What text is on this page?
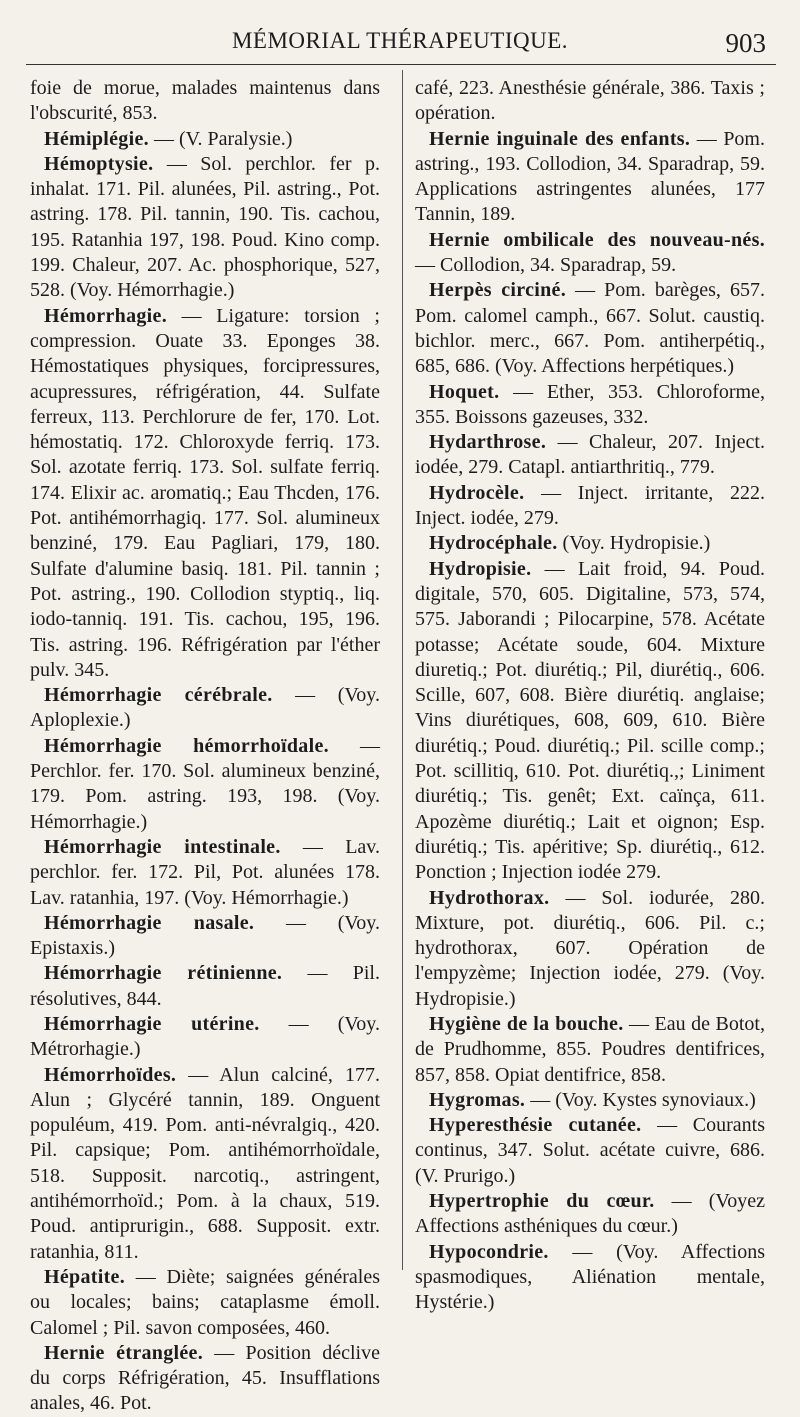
MÉMORIAL THÉRAPEUTIQUE.	903

foie de morue, malades maintenus dans l'obscurité, 853.

Hémiplégie. — (V. Paralysie.)

Hémoptysie. — Sol. perchlor. fer p. inhalat. 171. Pil. alunées, Pil. astring., Pot. astring. 178. Pil. tannin, 190. Tis. cachou, 195. Ratanhia 197, 198. Poud. Kino comp. 199. Chaleur, 207. Ac. phosphorique, 527, 528. (Voy. Hémorrhagie.)

Hémorrhagie. — Ligature: torsion ; compression. Ouate 33. Eponges 38. Hémostatiques physiques, forcipressures, acupressures, réfrigération, 44. Sulfate ferreux, 113. Perchlorure de fer, 170. Lot. hémostatiq. 172. Chloroxyde ferriq. 173. Sol. azotate ferriq. 173. Sol. sulfate ferriq. 174. Elixir ac. aromatiq.; Eau Thcden, 176. Pot. antihémorrhagiq. 177. Sol. alumineux benziné, 179. Eau Pagliari, 179, 180. Sulfate d'alumine basiq. 181. Pil. tannin ; Pot. astring., 190. Collodion styptiq., liq. iodo-tanniq. 191. Tis. cachou, 195, 196. Tis. astring. 196. Réfrigération par l'éther pulv. 345.

Hémorrhagie cérébrale. — (Voy. Aploplexie.)

Hémorrhagie hémorrhoïdale. — Perchlor. fer. 170. Sol. alumineux benziné, 179. Pom. astring. 193, 198. (Voy. Hémorrhagie.)

Hémorrhagie intestinale. — Lav. perchlor. fer. 172. Pil, Pot. alunées 178. Lav. ratanhia, 197. (Voy. Hémorrhagie.)

Hémorrhagie nasale. — (Voy. Epistaxis.)

Hémorrhagie rétinienne. — Pil. résolutives, 844.

Hémorrhagie utérine. — (Voy. Métrorhagie.)

Hémorrhoïdes. — Alun calciné, 177. Alun ; Glycéré tannin, 189. Onguent populéum, 419. Pom. anti-névralgiq., 420. Pil. capsique; Pom. antihémorrhoïdale, 518. Supposit. narcotiq., astringent, antihémorrhoïd.; Pom. à la chaux, 519. Poud. antiprurigin., 688. Supposit. extr. ratanhia, 811.

Hépatite. — Diète; saignées générales ou locales; bains; cataplasme émoll. Calomel ; Pil. savon composées, 460.

Hernie étranglée. — Position déclive du corps Réfrigération, 45. Insufflations anales, 46. Pot.

café, 223. Anesthésie générale, 386. Taxis ; opération.

Hernie inguinale des enfants. — Pom. astring., 193. Collodion, 34. Sparadrap, 59. Applications astringentes alunées, 177 Tannin, 189.

Hernie ombilicale des nouveau-nés. — Collodion, 34. Sparadrap, 59.

Herpès circiné. — Pom. barèges, 657. Pom. calomel camph., 667. Solut. caustiq. bichlor. merc., 667. Pom. antiherpétiq., 685, 686. (Voy. Affections herpétiques.)

Hoquet. — Ether, 353. Chloroforme, 355. Boissons gazeuses, 332.

Hydarthrose. — Chaleur, 207. Inject. iodée, 279. Catapl. antiarthritiq., 779.

Hydrocèle. — Inject. irritante, 222. Inject. iodée, 279.

Hydrocéphale. (Voy. Hydropisie.)

Hydropisie. — Lait froid, 94. Poud. digitale, 570, 605. Digitaline, 573, 574, 575. Jaborandi ; Pilocarpine, 578. Acétate potasse; Acétate soude, 604. Mixture diuretiq.; Pot. diurétiq.; Pil, diurétiq., 606. Scille, 607, 608. Bière diurétiq. anglaise; Vins diurétiques, 608, 609, 610. Bière diurétiq.; Poud. diurétiq.; Pil. scille comp.; Pot. scillitiq, 610. Pot. diurétiq.,; Liniment diurétiq.; Tis. genêt; Ext. caïnça, 611. Apozème diurétiq.; Lait et oignon; Esp. diurétiq.; Tis. apéritive; Sp. diurétiq., 612. Ponction ; Injection iodée 279.

Hydrothorax. — Sol. iodurée, 280. Mixture, pot. diurétiq., 606. Pil. c.; hydrothorax, 607. Opération de l'empyzème; Injection iodée, 279. (Voy. Hydropisie.)

Hygiène de la bouche. — Eau de Botot, de Prudhomme, 855. Poudres dentifrices, 857, 858. Opiat dentifrice, 858.

Hygromas. — (Voy. Kystes synoviaux.)

Hyperesthésie cutanée. — Courants continus, 347. Solut. acétate cuivre, 686. (V. Prurigo.)

Hypertrophie du cœur. — (Voyez Affections asthéniques du cœur.)

Hypocondrie. — (Voy. Affections spasmodiques, Aliénation mentale, Hystérie.)
